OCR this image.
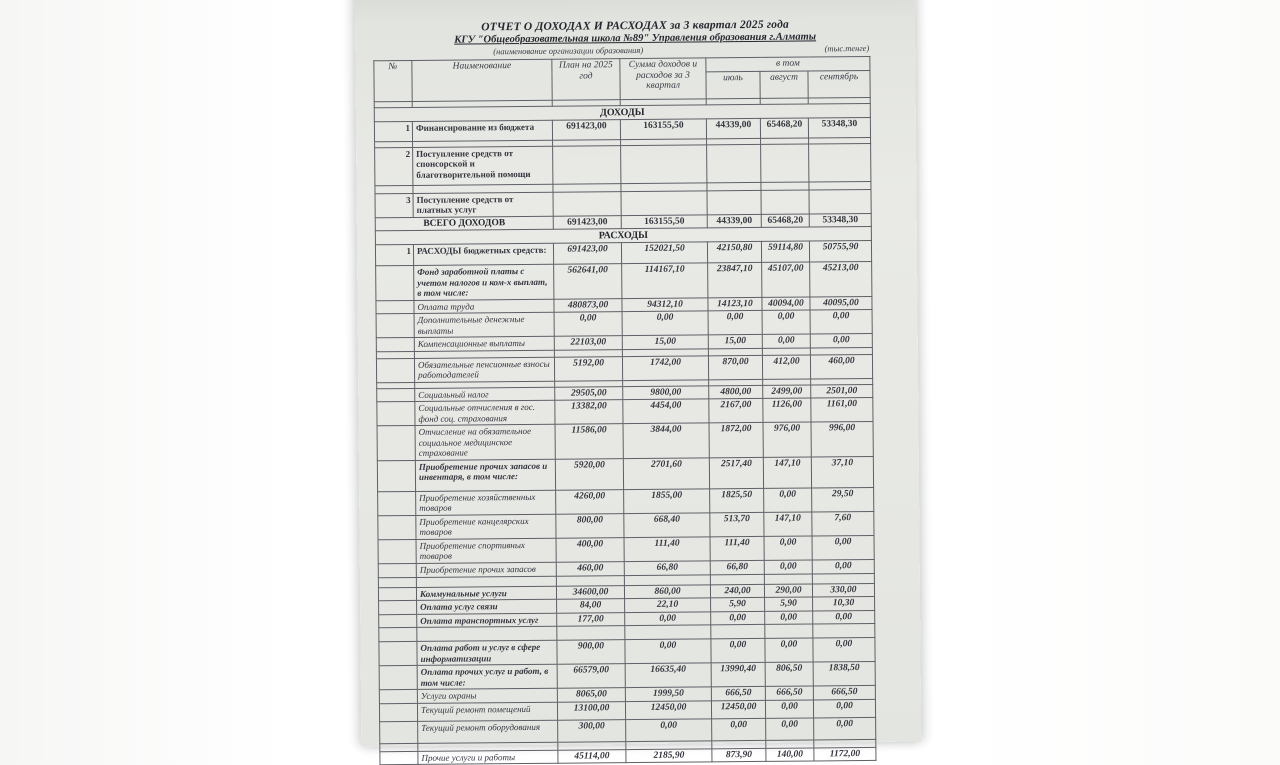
ОТЧЕТ О ДОХОДАХ И РАСХОДАХ за 3 квартал 2025 года
КГУ "Общеобразовательная школа №89" Управления образования г.Алматы
(наименование организации образования)	(тыс.тенге)
№	Наименование	План на 2025 год	Сумма доходов и расходов за 3 квартал	в том		
				июль	август	сентябрь

ДОХОДЫ						
1	Финансирование из бюджета	691423,00	163155,50	44339,00	65468,20	53348,30

2	Поступление средств от спонсорской и благотворительной помощи					

3	Поступление средств от платных услуг					
ВСЕГО ДОХОДОВ		691423,00	163155,50	44339,00	65468,20	53348,30
РАСХОДЫ						
1	РАСХОДЫ бюджетных средств:	691423,00	152021,50	42150,80	59114,80	50755,90
	Фонд заработной платы с учетом налогов и ком-х выплат, в том числе:	562641,00	114167,10	23847,10	45107,00	45213,00
	Оплата труда	480873,00	94312,10	14123,10	40094,00	40095,00
	Дополнительные денежные выплаты	0,00	0,00	0,00	0,00	0,00
	Компенсационные выплаты	22103,00	15,00	15,00	0,00	0,00

	Обязательные пенсионные взносы работодателей	5192,00	1742,00	870,00	412,00	460,00

	Социальный налог	29505,00	9800,00	4800,00	2499,00	2501,00
	Социальные отчисления в гос. фонд соц. страхования	13382,00	4454,00	2167,00	1126,00	1161,00
	Отчисление на обязательное социальное медицинское страхование	11586,00	3844,00	1872,00	976,00	996,00
	Приобретение прочих запасов и инвентаря, в том числе:	5920,00	2701,60	2517,40	147,10	37,10
	Приобретение хозяйственных товаров	4260,00	1855,00	1825,50	0,00	29,50
	Приобретение канцелярских товаров	800,00	668,40	513,70	147,10	7,60
	Приобретение спортивных товаров	400,00	111,40	111,40	0,00	0,00
	Приобретение прочих запасов	460,00	66,80	66,80	0,00	0,00

	Коммунальные услуги	34600,00	860,00	240,00	290,00	330,00
	Оплата услуг связи	84,00	22,10	5,90	5,90	10,30
	Оплата транспортных услуг	177,00	0,00	0,00	0,00	0,00

	Оплата работ и услуг в сфере информатизации	900,00	0,00	0,00	0,00	0,00
	Оплата прочих услуг и работ, в том числе:	66579,00	16635,40	13990,40	806,50	1838,50
	Услуги охраны	8065,00	1999,50	666,50	666,50	666,50
	Текущий ремонт помещений	13100,00	12450,00	12450,00	0,00	0,00
	Текущий ремонт оборудования	300,00	0,00	0,00	0,00	0,00

	Прочие услуги и работы	45114,00	2185,90	873,90	140,00	1172,00
